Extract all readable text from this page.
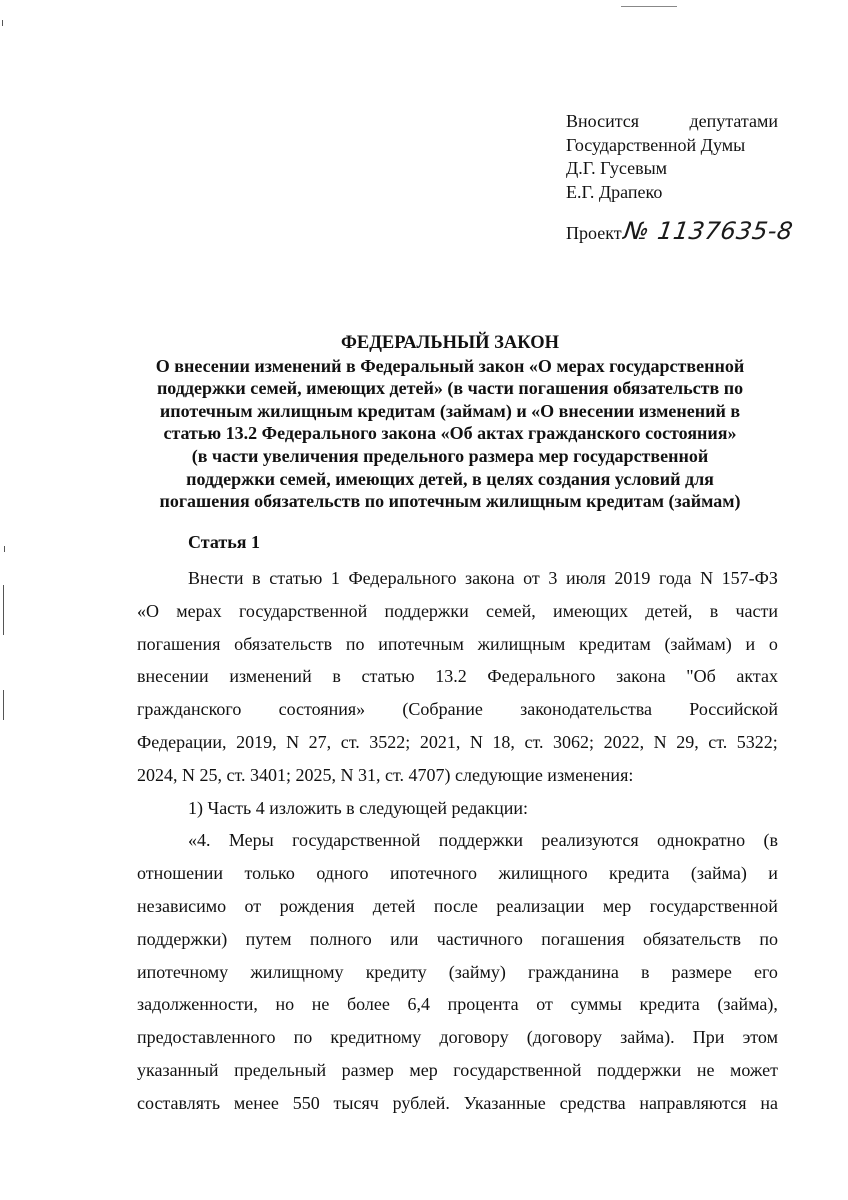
Вносится	депутатами
Государственной Думы
Д.Г. Гусевым
Е.Г. Драпеко
Проект№ 1137635-8
ФЕДЕРАЛЬНЫЙ ЗАКОН
О внесении изменений в Федеральный закон «О мерах государственной
поддержки семей, имеющих детей» (в части погашения обязательств по
ипотечным жилищным кредитам (займам) и «О внесении изменений в
статью 13.2 Федерального закона «Об актах гражданского состояния»
(в части увеличения предельного размера мер государственной
поддержки семей, имеющих детей, в целях создания условий для
погашения обязательств по ипотечным жилищным кредитам (займам)
Статья 1
Внести в статью 1 Федерального закона от 3 июля 2019 года N 157-ФЗ
«О мерах государственной поддержки семей, имеющих детей, в части
погашения обязательств по ипотечным жилищным кредитам (займам) и о
внесении изменений в статью 13.2 Федерального закона "Об актах
гражданского состояния» (Собрание законодательства Российской
Федерации, 2019, N 27, ст. 3522; 2021, N 18, ст. 3062; 2022, N 29, ст. 5322;
2024, N 25, ст. 3401; 2025, N 31, ст. 4707) следующие изменения:
1) Часть 4 изложить в следующей редакции:
«4. Меры государственной поддержки реализуются однократно (в
отношении только одного ипотечного жилищного кредита (займа) и
независимо от рождения детей после реализации мер государственной
поддержки) путем полного или частичного погашения обязательств по
ипотечному жилищному кредиту (займу) гражданина в размере его
задолженности, но не более 6,4 процента от суммы кредита (займа),
предоставленного по кредитному договору (договору займа). При этом
указанный предельный размер мер государственной поддержки не может
составлять менее 550 тысяч рублей. Указанные средства направляются на
